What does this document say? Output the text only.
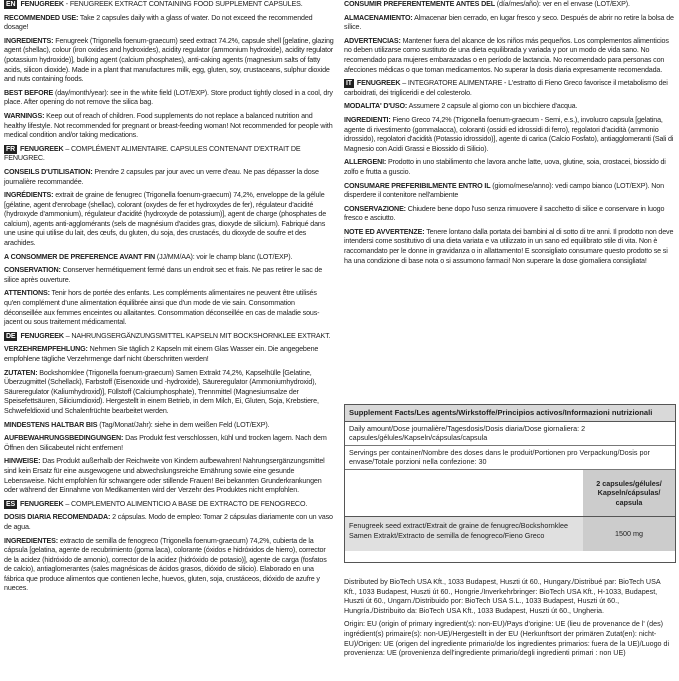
EN FENUGREEK - FENUGREEK EXTRACT CONTAINING FOOD SUPPLEMENT CAPSULES.

RECOMMENDED USE: Take 2 capsules daily with a glass of water. Do not exceed the recommended dosage!

INGREDIENTS: Fenugreek (Trigonella foenum-graecum) seed extract 74.2%, capsule shell [gelatine, glazing agent (shellac), colour (iron oxides and hydroxides), acidity regulator (ammonium hydroxide), acidity regulator (potassium hydroxide)], bulking agent (calcium phosphates), anti-caking agents (magnesium salts of fatty acids, silicon dioxide). Made in a plant that manufactures milk, egg, gluten, soy, crustaceans, sulphur dioxide and nuts containing foods.

BEST BEFORE (day/month/year): see in the white field (LOT/EXP). Store product tightly closed in a cool, dry place. After opening do not remove the silica bag.

WARNINGS: Keep out of reach of children. Food supplements do not replace a balanced nutrition and healthy lifestyle. Not recommended for pregnant or breast-feeding woman! Not recommended for people with medical condition and/or taking medications.

FR FENUGREEK – COMPLÉMENT ALIMENTAIRE. CAPSULES CONTENANT D'EXTRAIT DE FENUGREC.

CONSEILS D'UTILISATION: Prendre 2 capsules par jour avec un verre d'eau. Ne pas dépasser la dose journalière recommandée.

INGRÉDIENTS: extrait de graine de fenugrec (Trigonella foenum-graecum) 74,2%, enveloppe de la gélule [gélatine, agent d'enrobage (shellac), colorant (oxydes de fer et hydroxydes de fer), régulateur d'acidité (hydroxyde d'ammonium), régulateur d'acidité (hydroxyde de potassium)], agent de charge (phosphates de calcium), agents anti-agglomérants (sels de magnésium d'acides gras, dioxyde de silicium). Fabriqué dans une usine qui utilise du lait, des œufs, du gluten, du soja, des crustacés, du dioxyde de soufre et des arachides.

A CONSOMMER DE PREFERENCE AVANT FIN (JJ/MM/AA): voir le champ blanc (LOT/EXP).

CONSERVATION: Conserver hermétiquement fermé dans un endroit sec et frais. Ne pas retirer le sac de silice après ouverture.

ATTENTIONS: Tenir hors de portée des enfants. Les compléments alimentaires ne peuvent être utilisés qu'en complément d'une alimentation équilibrée ainsi que d'un mode de vie sain. Consommation déconseillée aux femmes enceintes ou allaitantes. Consommation déconseillée en cas de maladie sous-jacent ou sous traitement médicamental.

DE FENUGREEK – NAHRUNGSERGÄNZUNGSMITTEL KAPSELN MIT BOCKSHORNKLEE EXTRAKT.

VERZEHREMPFEHLUNG: Nehmen Sie täglich 2 Kapseln mit einem Glas Wasser ein. Die angegebene empfohlene tägliche Verzehrmenge darf nicht überschritten werden!

ZUTATEN: Bockshornklee (Trigonella foenum-graecum) Samen Extrakt 74,2%, Kapselhülle [Gelatine, Überzugmittel (Schellack), Farbstoff (Eisenoxide und -hydroxide), Säureregulator (Ammoniumhydroxid), Säureregulator (Kaliumhydroxid)], Füllstoff (Calciumphosphate), Trennmittel (Magnesiumsalze der Speisefettsäuren, Siliciumdioxid). Hergestellt in einem Betrieb, in dem Milch, Ei, Gluten, Soja, Krebstiere, Schwefeldioxid und Schalenfrüchte bearbeitet werden.

MINDESTENS HALTBAR BIS (Tag/Monat/Jahr): siehe in dem weißen Feld (LOT/EXP).

AUFBEWAHRUNGSBEDINGUNGEN: Das Produkt fest verschlossen, kühl und trocken lagern. Nach dem Öffnen den Silicabeutel nicht entfernen!

HINWEISE: Das Produkt außerhalb der Reichweite von Kindern aufbewahren! Nahrungsergänzungsmittel sind kein Ersatz für eine ausgewogene und abwechslungsreiche Ernährung sowie eine gesunde Lebensweise. Nicht empfohlen für schwangere oder stillende Frauen! Bei bekannten Grunderkrankungen oder während der Einnahme von Medikamenten wird der Verzehr des Produktes nicht empfohlen.

ES FENUGREEK – COMPLEMENTO ALIMENTICIO A BASE DE EXTRACTO DE FENOGRECO.

DOSIS DIARIA RECOMENDADA: 2 cápsulas. Modo de empleo: Tomar 2 cápsulas diariamente con un vaso de agua.

INGREDIENTES: extracto de semilla de fenogreco (Trigonella foenum-graecum) 74,2%, cubierta de la cápsula [gelatina, agente de recubrimiento (goma laca), colorante (óxidos e hidróxidos de hierro), corrector de la acidez (hidróxido de amonio), corrector de la acidez (hidróxido de potasio)], agente de carga (fosfatos de calcio), antiaglomerantes (sales magnésicas de ácidos grasos, dióxido de silicio). Elaborado en una fábrica que produce alimentos que contienen leche, huevos, gluten, soja, crustáceos, dióxido de azufre y nueces.

CONSUMIR PREFERENTEMENTE ANTES DEL (día/mes/año): ver en el envase (LOT/EXP).

ALMACENAMIENTO: Almacenar bien cerrado, en lugar fresco y seco. Después de abrir no retire la bolsa de sílice.

ADVERTENCIAS: Mantener fuera del alcance de los niños más pequeños. Los complementos alimenticios no deben utilizarse como sustituto de una dieta equilibrada y variada y por un modo de vida sano. No recomendado para mujeres embarazadas o en período de lactancia. No recomendado para personas con afecciones médicas o que toman medicamentos. No superar la dosis diaria expresamente recomendada.

IT FENUGREEK – INTEGRATORE ALIMENTARE - L'estratto di Fieno Greco favorisce il metabolismo dei carboidrati, dei trigliceridi e del colesterolo.

MODALITA' D'USO: Assumere 2 capsule al giorno con un bicchiere d'acqua.

INGREDIENTI: Fieno Greco 74,2% (Trigonella foenum-graecum - Semi, e.s.), involucro capsula [gelatina, agente di rivestimento (gommalacca), coloranti (ossidi ed idrossidi di ferro), regolatori d'acidità (ammonio idrossido), regolatori d'acidità (Potassio idrossido)], agente di carica (Calcio Fosfato), antiagglomeranti (Sali di Magnesio con Acidi Grassi e Biossido di Silicio).

ALLERGENI: Prodotto in uno stabilimento che lavora anche latte, uova, glutine, soia, crostacei, biossido di zolfo e frutta a guscio.

CONSUMARE PREFERIBILMENTE ENTRO IL (giorno/mese/anno): vedi campo bianco (LOT/EXP). Non disperdere il contenitore nell'ambiente

CONSERVAZIONE: Chiudere bene dopo l'uso senza rimuovere il sacchetto di silice e conservare in luogo fresco e asciutto.

NOTE ED AVVERTENZE: Tenere lontano dalla portata dei bambini al di sotto di tre anni. Il prodotto non deve intendersi come sostitutivo di una dieta variata e va utilizzato in un sano ed equilibrato stile di vita. Non è raccomandato per le donne in gravidanza o in allattamento! E sconsigliato consumare questo prodotto se si ha una condizione di base nota o si assumono farmaci! Non superare la dose giornaliera consigliata!

Supplement Facts/Les agents/Wirkstoffe/Principios activos/Informazioni nutrizionali
Daily amount/Dose journalière/Tagesdosis/Dosis diaria/Dose giornaliera: 2 capsules/gélules/Kapseln/cápsulas/capsula
Servings per container/Nombre des doses dans le produit/Portionen pro Verpackung/Dosis por envase/Totale porzioni nella confezione: 30
2 capsules/gélules/ Kapseln/cápsulas/ capsula
Fenugreek seed extract/Extrait de graine de fenugrec/Bockshornklee Samen Extrakt/Extracto de semilla de fenogreco/Fieno Greco	1500 mg

Distributed by BioTech USA Kft., 1033 Budapest, Huszti út 60., Hungary./Distribué par: BioTech USA Kft., 1033 Budapest, Huszti út 60., Hongrie./Inverkehrbringer: BioTech USA Kft., H-1033, Budapest, Huszti út 60., Ungarn./Distribuido por: BioTech USA S.L., 1033 Budapest, Huszti út 60., Hungría./Distribuito da: BioTech USA Kft., 1033 Budapest, Huszti út 60., Ungheria.

Origin: EU (origin of primary ingredient(s): non-EU)/Pays d'origine: UE (lieu de provenance de l' (des) ingrédient(s) primaire(s): non-UE)/Hergestellt in der EU (Herkunftsort der primären Zutat(en): nicht-EU)/Origen: UE (origen del ingrediente primario/de los ingredientes primarios: fuera de la UE)/Luogo di provenienza: UE (provenienza dell'ingrediente primario/degli ingredienti primari : non UE)
